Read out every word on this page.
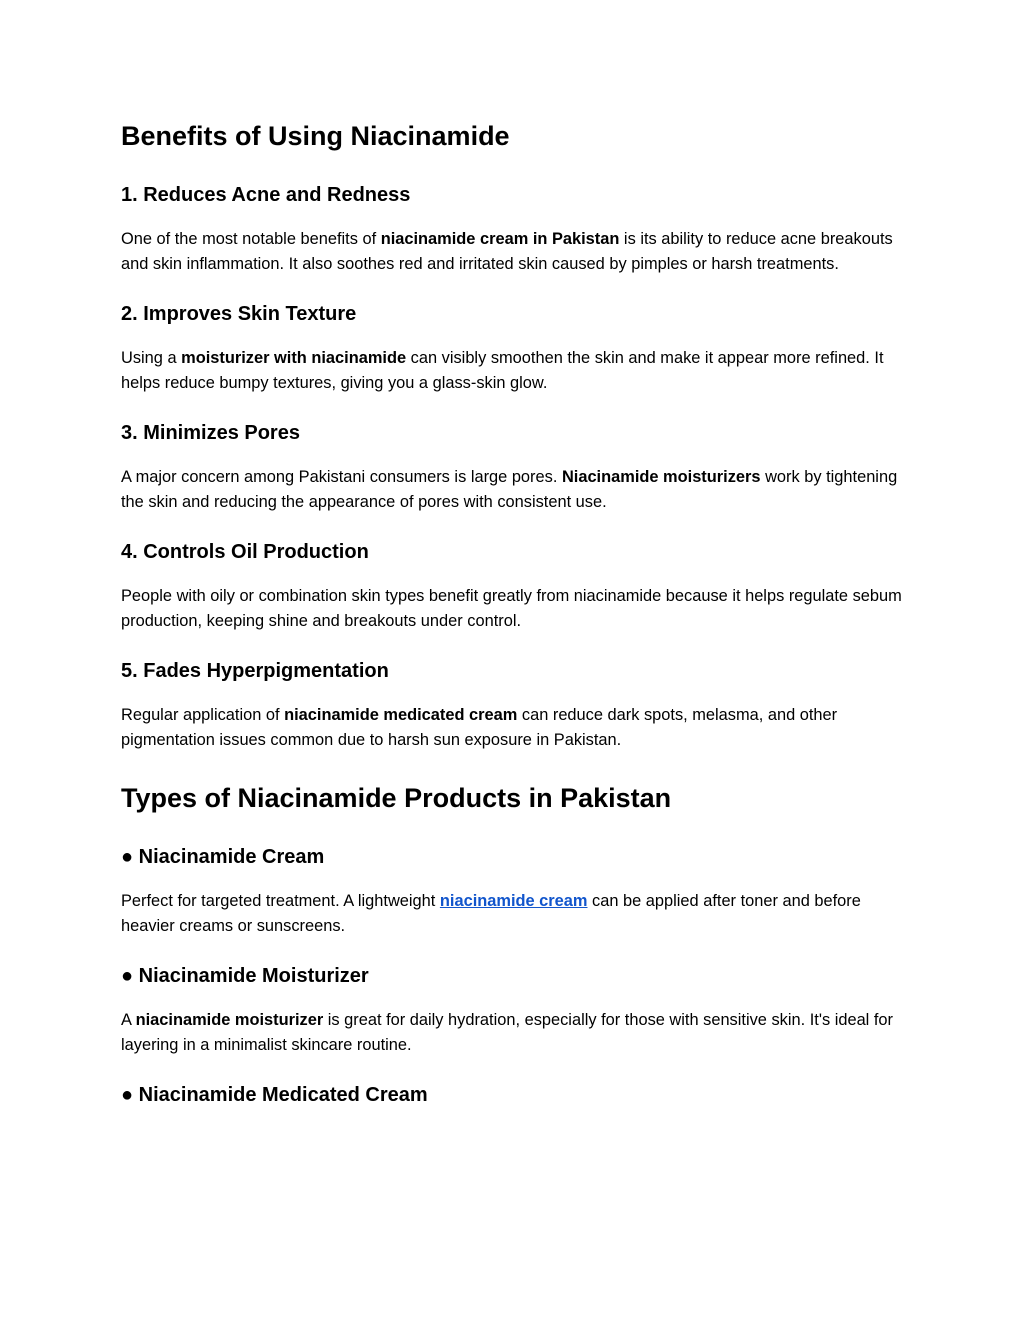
Benefits of Using Niacinamide
1. Reduces Acne and Redness

One of the most notable benefits of niacinamide cream in Pakistan is its ability to reduce acne breakouts and skin inflammation. It also soothes red and irritated skin caused by pimples or harsh treatments.

2. Improves Skin Texture

Using a moisturizer with niacinamide can visibly smoothen the skin and make it appear more refined. It helps reduce bumpy textures, giving you a glass-skin glow.

3. Minimizes Pores

A major concern among Pakistani consumers is large pores. Niacinamide moisturizers work by tightening the skin and reducing the appearance of pores with consistent use.

4. Controls Oil Production

People with oily or combination skin types benefit greatly from niacinamide because it helps regulate sebum production, keeping shine and breakouts under control.

5. Fades Hyperpigmentation

Regular application of niacinamide medicated cream can reduce dark spots, melasma, and other pigmentation issues common due to harsh sun exposure in Pakistan.

Types of Niacinamide Products in Pakistan
● Niacinamide Cream

Perfect for targeted treatment. A lightweight niacinamide cream can be applied after toner and before heavier creams or sunscreens.

● Niacinamide Moisturizer

A niacinamide moisturizer is great for daily hydration, especially for those with sensitive skin. It's ideal for layering in a minimalist skincare routine.

● Niacinamide Medicated Cream
